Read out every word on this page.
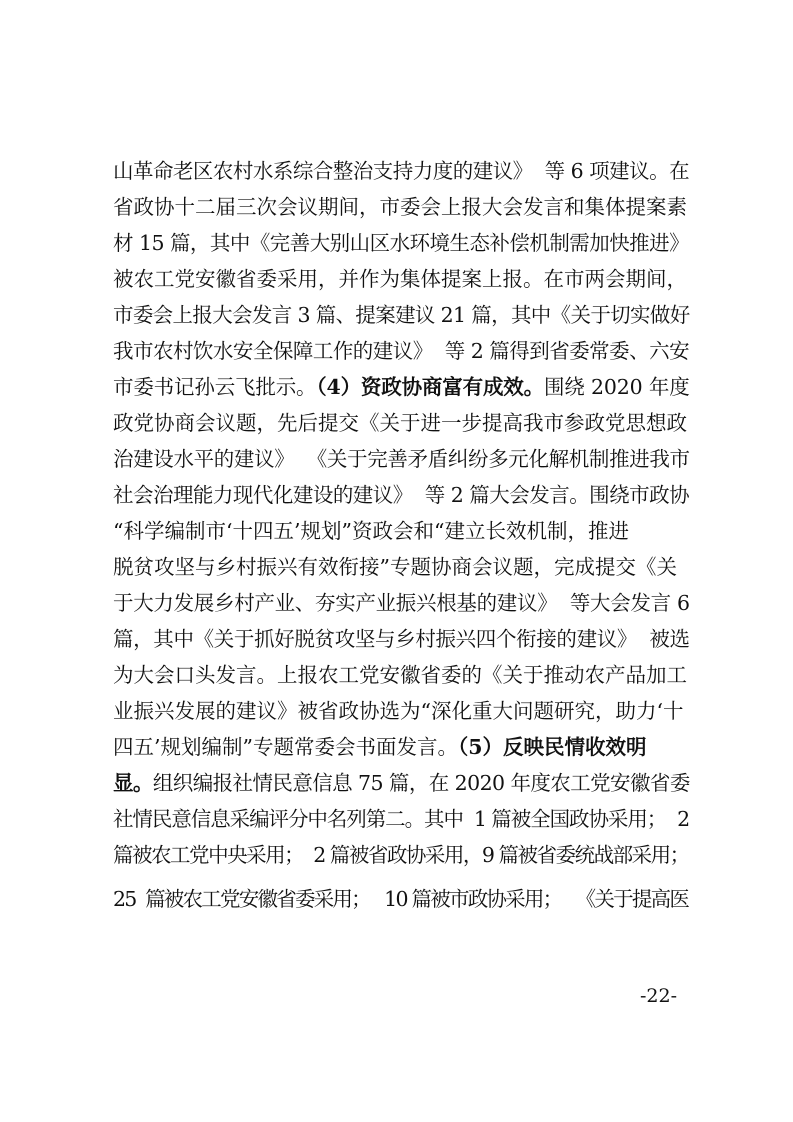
山革命老区农村水系综合整治支持力度的建议》  等 6 项建议。在
省政协十二届三次会议期间，市委会上报大会发言和集体提案素
材 15 篇，其中《完善大别山区水环境生态补偿机制需加快推进》
被农工党安徽省委采用，并作为集体提案上报。在市两会期间，
市委会上报大会发言 3 篇、提案建议 21 篇，其中《关于切实做好
我市农村饮水安全保障工作的建议》  等 2 篇得到省委常委、六安
市委书记孙云飞批示。（4）资政协商富有成效。围绕 2020 年度
政党协商会议题，先后提交《关于进一步提高我市参政党思想政
治建设水平的建议》  《关于完善矛盾纠纷多元化解机制推进我市
社会治理能力现代化建设的建议》  等 2 篇大会发言。围绕市政协
“科学编制市‘十四五’规划”资政会和“建立长效机制，推进
脱贫攻坚与乡村振兴有效衔接”专题协商会议题，完成提交《关
于大力发展乡村产业、夯实产业振兴根基的建议》  等大会发言 6
篇，其中《关于抓好脱贫攻坚与乡村振兴四个衔接的建议》  被选
为大会口头发言。上报农工党安徽省委的《关于推动农产品加工
业振兴发展的建议》被省政协选为“深化重大问题研究，助力‘十
四五’规划编制”专题常委会书面发言。（5）反映民情收效明
显。组织编报社情民意信息 75 篇，在 2020 年度农工党安徽省委
社情民意信息采编评分中名列第二。其中  1 篇被全国政协采用；  2
篇被农工党中央采用；  2 篇被省政协采用，9 篇被省委统战部采用；
25  篇被农工党安徽省委采用；   10 篇被市政协采用；   《关于提高医
-22-
